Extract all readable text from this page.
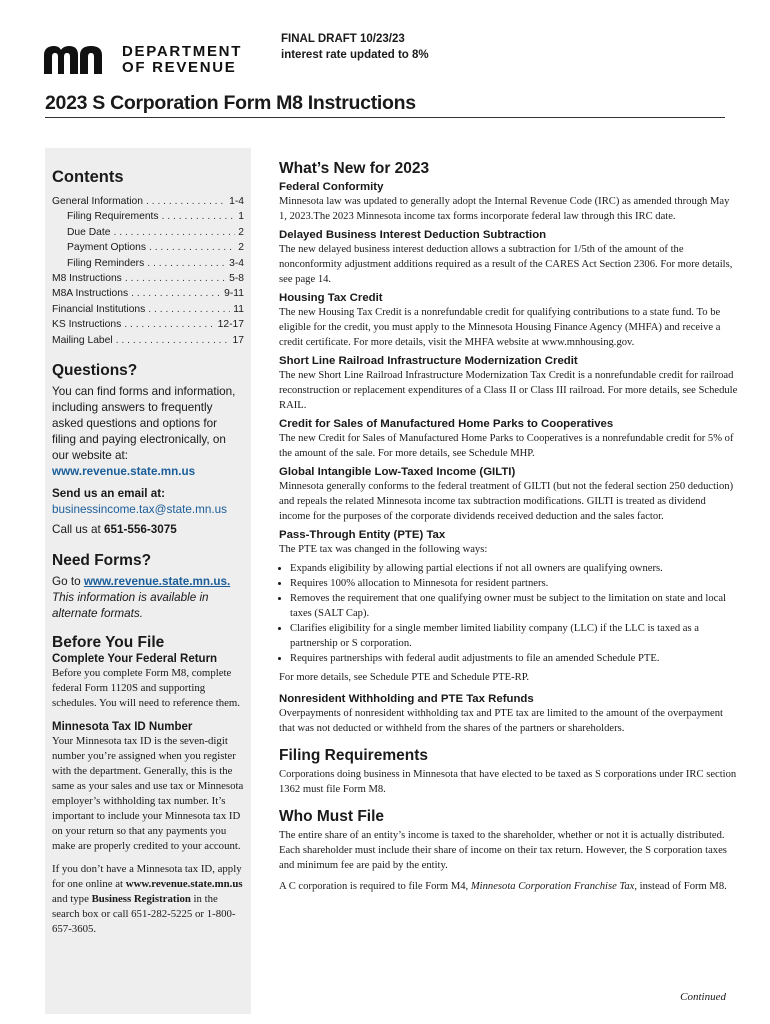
DEPARTMENT
OF REVENUE
FINAL DRAFT 10/23/23
interest rate updated to 8%
2023 S Corporation Form M8 Instructions
Contents
General Information . . .	1-4
Filing Requirements . . .	1
Due Date . . .	2
Payment Options . . .	2
Filing Reminders . . .	3-4
M8 Instructions . . .	5-8
M8A Instructions . . .	9-11
Financial Institutions . . .	11
KS Instructions . . .	12-17
Mailing Label . . .	17
Questions?

You can find forms and information, including answers to frequently asked questions and options for filing and paying electronically, on our website at:

www.revenue.state.mn.us

Send us an email at:

businessincome.tax@state.mn.us

Call us at 651-556-3075

Need Forms?

Go to www.revenue.state.mn.us.

This information is available in alternate formats.

Before You File
Complete Your Federal Return

Before you complete Form M8, complete federal Form 1120S and supporting schedules. You will need to reference them.

Minnesota Tax ID Number

Your Minnesota tax ID is the seven-digit number you’re assigned when you register with the department. Generally, this is the same as your sales and use tax or Minnesota employer’s withholding tax number. It’s important to include your Minnesota tax ID on your return so that any payments you make are properly credited to your account.

If you don’t have a Minnesota tax ID, apply for one online at www.revenue.state.mn.us and type Business Registration in the search box or call 651-282-5225 or 1-800-657-3605.

What’s New for 2023
Federal Conformity

Minnesota law was updated to generally adopt the Internal Revenue Code (IRC) as amended through May 1, 2023.The 2023 Minnesota income tax forms incorporate federal law through this IRC date.

Delayed Business Interest Deduction Subtraction

The new delayed business interest deduction allows a subtraction for 1/5th of the amount of the nonconformity adjustment additions required as a result of the CARES Act Section 2306. For more details, see page 14.

Housing Tax Credit

The new Housing Tax Credit is a nonrefundable credit for qualifying contributions to a state fund. To be eligible for the credit, you must apply to the Minnesota Housing Finance Agency (MHFA) and receive a credit certificate. For more details, visit the MHFA website at www.mnhousing.gov.

Short Line Railroad Infrastructure Modernization Credit

The new Short Line Railroad Infrastructure Modernization Tax Credit is a nonrefundable credit for railroad reconstruction or replacement expenditures of a Class II or Class III railroad. For more details, see Schedule RAIL.

Credit for Sales of Manufactured Home Parks to Cooperatives

The new Credit for Sales of Manufactured Home Parks to Cooperatives is a nonrefundable credit for 5% of the amount of the sale. For more details, see Schedule MHP.

Global Intangible Low-Taxed Income (GILTI)

Minnesota generally conforms to the federal treatment of GILTI (but not the federal section 250 deduction) and repeals the related Minnesota income tax subtraction modifications. GILTI is treated as dividend income for the purposes of the corporate dividends received deduction and the sales factor.

Pass-Through Entity (PTE) Tax

The PTE tax was changed in the following ways:

• Expands eligibility by allowing partial elections if not all owners are qualifying owners.
• Requires 100% allocation to Minnesota for resident partners.
• Removes the requirement that one qualifying owner must be subject to the limitation on state and local taxes (SALT Cap).
• Clarifies eligibility for a single member limited liability company (LLC) if the LLC is taxed as a partnership or S corporation.
• Requires partnerships with federal audit adjustments to file an amended Schedule PTE.

For more details, see Schedule PTE and Schedule PTE-RP.

Nonresident Withholding and PTE Tax Refunds

Overpayments of nonresident withholding tax and PTE tax are limited to the amount of the overpayment that was not deducted or withheld from the shares of the partners or shareholders.

Filing Requirements

Corporations doing business in Minnesota that have elected to be taxed as S corporations under IRC section 1362 must file Form M8.

Who Must File

The entire share of an entity’s income is taxed to the shareholder, whether or not it is actually distributed. Each shareholder must include their share of income on their tax return. However, the S corporation taxes and minimum fee are paid by the entity.

A C corporation is required to file Form M4, Minnesota Corporation Franchise Tax, instead of Form M8.

Continued
